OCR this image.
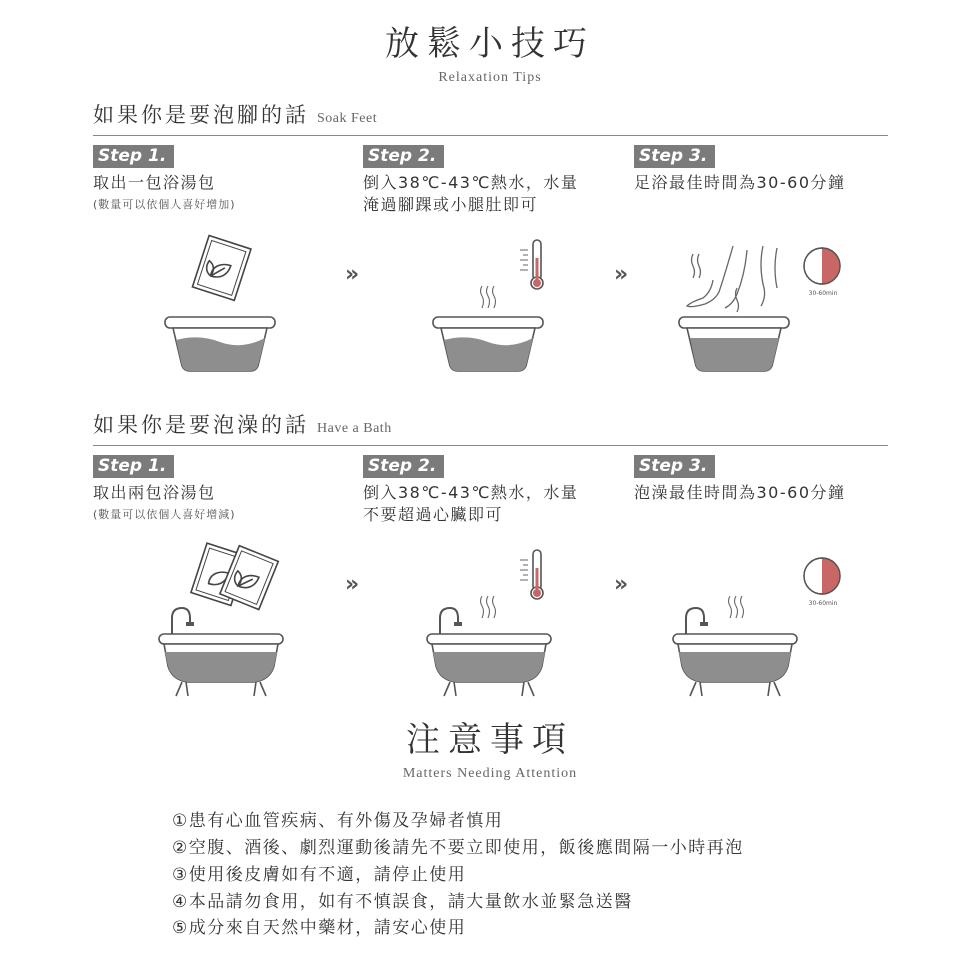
放鬆小技巧
Relaxation Tips
如果你是要泡腳的話 Soak Feet
Step 1.
取出一包浴湯包
(數量可以依個人喜好增加)
Step 2.
倒入38℃-43℃熱水，水量
淹過腳踝或小腿肚即可
Step 3.
足浴最佳時間為30-60分鐘
››	››
30-60min
如果你是要泡澡的話 Have a Bath
Step 1.
取出兩包浴湯包
(數量可以依個人喜好增減)
Step 2.
倒入38℃-43℃熱水，水量
不要超過心臟即可
Step 3.
泡澡最佳時間為30-60分鐘
››	››
30-60min
注意事項
Matters Needing Attention
①患有心血管疾病、有外傷及孕婦者慎用
②空腹、酒後、劇烈運動後請先不要立即使用，飯後應間隔一小時再泡
③使用後皮膚如有不適，請停止使用
④本品請勿食用，如有不慎誤食，請大量飲水並緊急送醫
⑤成分來自天然中藥材，請安心使用
